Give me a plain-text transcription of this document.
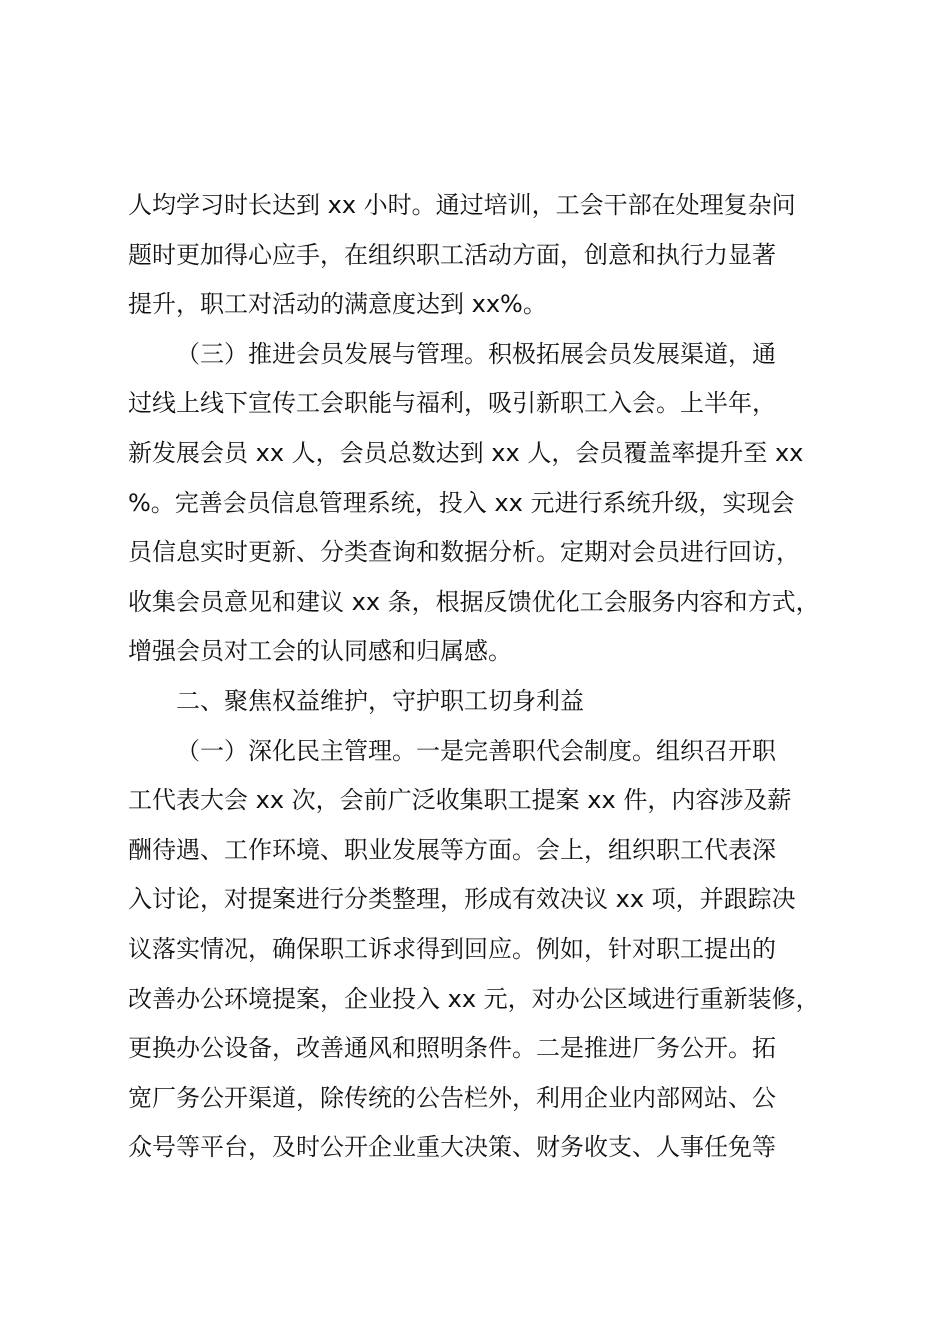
人均学习时长达到 xx 小时。通过培训，工会干部在处理复杂问
题时更加得心应手，在组织职工活动方面，创意和执行力显著
提升，职工对活动的满意度达到 xx%。
（三）推进会员发展与管理。积极拓展会员发展渠道，通
过线上线下宣传工会职能与福利，吸引新职工入会。上半年，
新发展会员 xx 人，会员总数达到 xx 人，会员覆盖率提升至 xx
%。完善会员信息管理系统，投入 xx 元进行系统升级，实现会
员信息实时更新、分类查询和数据分析。定期对会员进行回访，
收集会员意见和建议 xx 条，根据反馈优化工会服务内容和方式，
增强会员对工会的认同感和归属感。
二、聚焦权益维护，守护职工切身利益
（一）深化民主管理。一是完善职代会制度。组织召开职
工代表大会 xx 次，会前广泛收集职工提案 xx 件，内容涉及薪
酬待遇、工作环境、职业发展等方面。会上，组织职工代表深
入讨论，对提案进行分类整理，形成有效决议 xx 项，并跟踪决
议落实情况，确保职工诉求得到回应。例如，针对职工提出的
改善办公环境提案，企业投入 xx 元，对办公区域进行重新装修，
更换办公设备，改善通风和照明条件。二是推进厂务公开。拓
宽厂务公开渠道，除传统的公告栏外，利用企业内部网站、公
众号等平台，及时公开企业重大决策、财务收支、人事任免等
